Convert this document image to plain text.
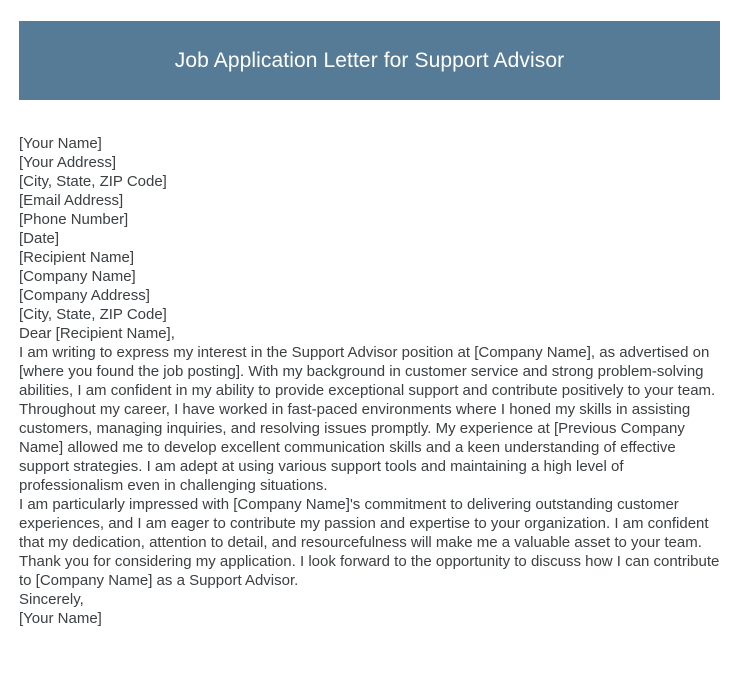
Job Application Letter for Support Advisor

[Your Name]

[Your Address]

[City, State, ZIP Code]

[Email Address]

[Phone Number]

[Date]

[Recipient Name]

[Company Name]

[Company Address]

[City, State, ZIP Code]

Dear [Recipient Name],

I am writing to express my interest in the Support Advisor position at [Company Name], as advertised on [where you found the job posting]. With my background in customer service and strong problem-solving abilities, I am confident in my ability to provide exceptional support and contribute positively to your team.

Throughout my career, I have worked in fast-paced environments where I honed my skills in assisting customers, managing inquiries, and resolving issues promptly. My experience at [Previous Company Name] allowed me to develop excellent communication skills and a keen understanding of effective support strategies. I am adept at using various support tools and maintaining a high level of professionalism even in challenging situations.

I am particularly impressed with [Company Name]'s commitment to delivering outstanding customer experiences, and I am eager to contribute my passion and expertise to your organization. I am confident that my dedication, attention to detail, and resourcefulness will make me a valuable asset to your team.

Thank you for considering my application. I look forward to the opportunity to discuss how I can contribute to [Company Name] as a Support Advisor.

Sincerely,

[Your Name]
